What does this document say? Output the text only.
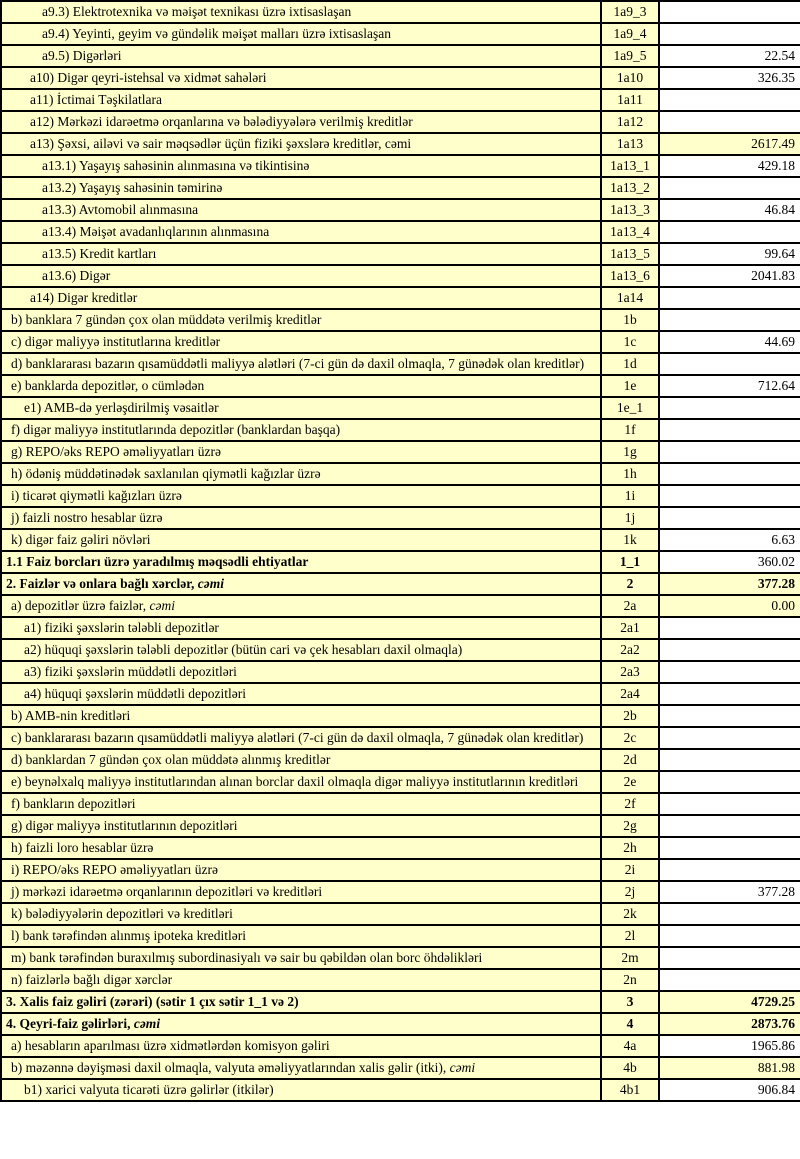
a9.3) Elektrotexnika və məişət texnikası üzrə ixtisaslaşan	1a9_3	
a9.4) Yeyinti, geyim və gündəlik məişət malları üzrə ixtisaslaşan	1a9_4	
a9.5) Digərləri	1a9_5	22.54
a10) Digər qeyri-istehsal və xidmət sahələri	1a10	326.35
a11) İctimai Təşkilatlara	1a11	
a12) Mərkəzi idarəetmə orqanlarına və bələdiyyələrə verilmiş kreditlər	1a12	
a13) Şəxsi, ailəvi və sair məqsədlər üçün fiziki şəxslərə kreditlər, cəmi	1a13	2617.49
a13.1) Yaşayış sahəsinin alınmasına və tikintisinə	1a13_1	429.18
a13.2) Yaşayış sahəsinin təmirinə	1a13_2	
a13.3) Avtomobil alınmasına	1a13_3	46.84
a13.4) Məişət avadanlıqlarının alınmasına	1a13_4	
a13.5) Kredit kartları	1a13_5	99.64
a13.6) Digər	1a13_6	2041.83
a14) Digər kreditlər	1a14	
b) banklara 7 gündən çox olan müddətə verilmiş kreditlər	1b	
c) digər maliyyə institutlarına kreditlər	1c	44.69
d) banklararası bazarın qısamüddətli maliyyə alətləri (7-ci gün də daxil olmaqla, 7 günədək olan kreditlər)	1d	
e) banklarda depozitlər, o cümlədən	1e	712.64
e1) AMB-də yerləşdirilmiş vəsaitlər	1e_1	
f) digər maliyyə institutlarında depozitlər (banklardan başqa)	1f	
g) REPO/əks REPO əməliyyatları üzrə	1g	
h) ödəniş müddətinədək saxlanılan qiymətli kağızlar üzrə	1h	
i) ticarət qiymətli kağızları üzrə	1i	
j) faizli nostro hesablar üzrə	1j	
k) digər faiz gəliri növləri	1k	6.63
1.1 Faiz borcları üzrə yaradılmış məqsədli ehtiyatlar	1_1	360.02
2. Faizlər və onlara bağlı xərclər, cəmi	2	377.28
a) depozitlər üzrə faizlər, cəmi	2a	0.00
a1) fiziki şəxslərin tələbli depozitlər	2a1	
a2) hüquqi şəxslərin tələbli depozitlər (bütün cari və çek hesabları daxil olmaqla)	2a2	
a3) fiziki şəxslərin müddətli depozitləri	2a3	
a4) hüquqi şəxslərin müddətli depozitləri	2a4	
b) AMB-nin kreditləri	2b	
c) banklararası bazarın qısamüddətli maliyyə alətləri (7-ci gün də daxil olmaqla, 7 günədək olan kreditlər)	2c	
d) banklardan 7 gündən çox olan müddətə alınmış kreditlər	2d	
e) beynəlxalq maliyyə institutlarından alınan borclar daxil olmaqla digər maliyyə institutlarının kreditləri	2e	
f) bankların depozitləri	2f	
g) digər maliyyə institutlarının depozitləri	2g	
h) faizli loro hesablar üzrə	2h	
i) REPO/əks REPO əməliyyatları üzrə	2i	
j) mərkəzi idarəetmə orqanlarının depozitləri və kreditləri	2j	377.28
k) bələdiyyələrin depozitləri və kreditləri	2k	
l) bank tərəfindən alınmış ipoteka kreditləri	2l	
m) bank tərəfindən buraxılmış subordinasiyalı və sair bu qəbildən olan borc öhdəlikləri	2m	
n) faizlərlə bağlı digər xərclər	2n	
3. Xalis faiz gəliri (zərəri) (sətir 1 çıx sətir 1_1 və 2)	3	4729.25
4. Qeyri-faiz gəlirləri, cəmi	4	2873.76
a) hesabların aparılması üzrə xidmətlərdən komisyon gəliri	4a	1965.86
b) məzənnə dəyişməsi daxil olmaqla, valyuta əməliyyatlarından xalis gəlir (itki), cəmi	4b	881.98
b1) xarici valyuta ticarəti üzrə gəlirlər (itkilər)	4b1	906.84
